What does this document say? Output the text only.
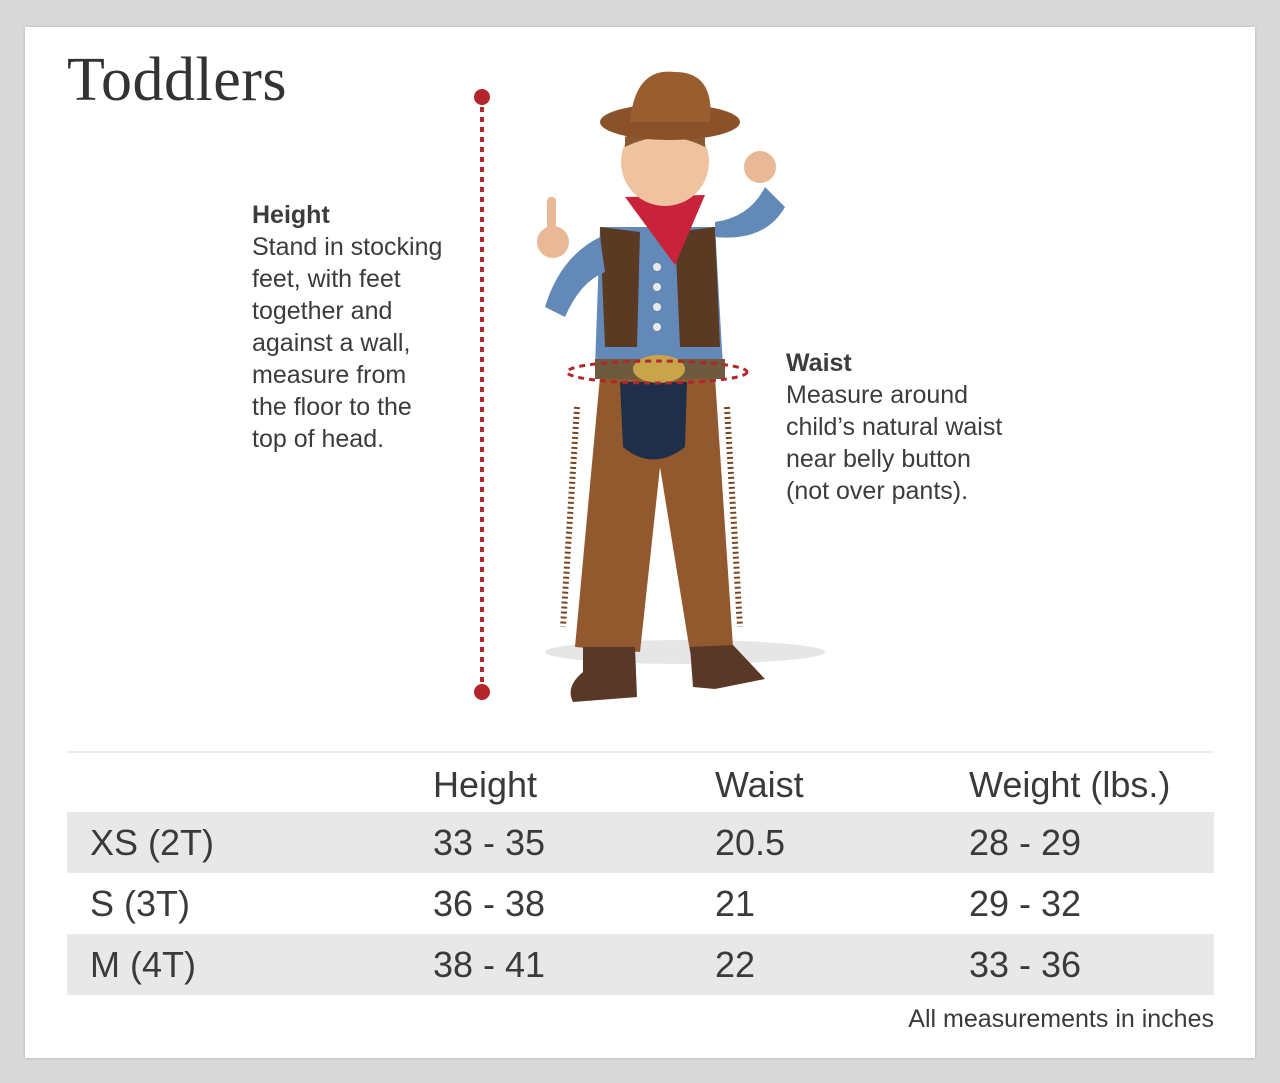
Toddlers
Height
Stand in stocking
feet, with feet
together and
against a wall,
measure from
the floor to the
top of head.
Waist
Measure around
child’s natural waist
near belly button
(not over pants).
	Height	Waist	Weight (lbs.)
XS (2T)	33 - 35	20.5	28 - 29
S (3T)	36 - 38	21	29 - 32
M (4T)	38 - 41	22	33 - 36
All measurements in inches
